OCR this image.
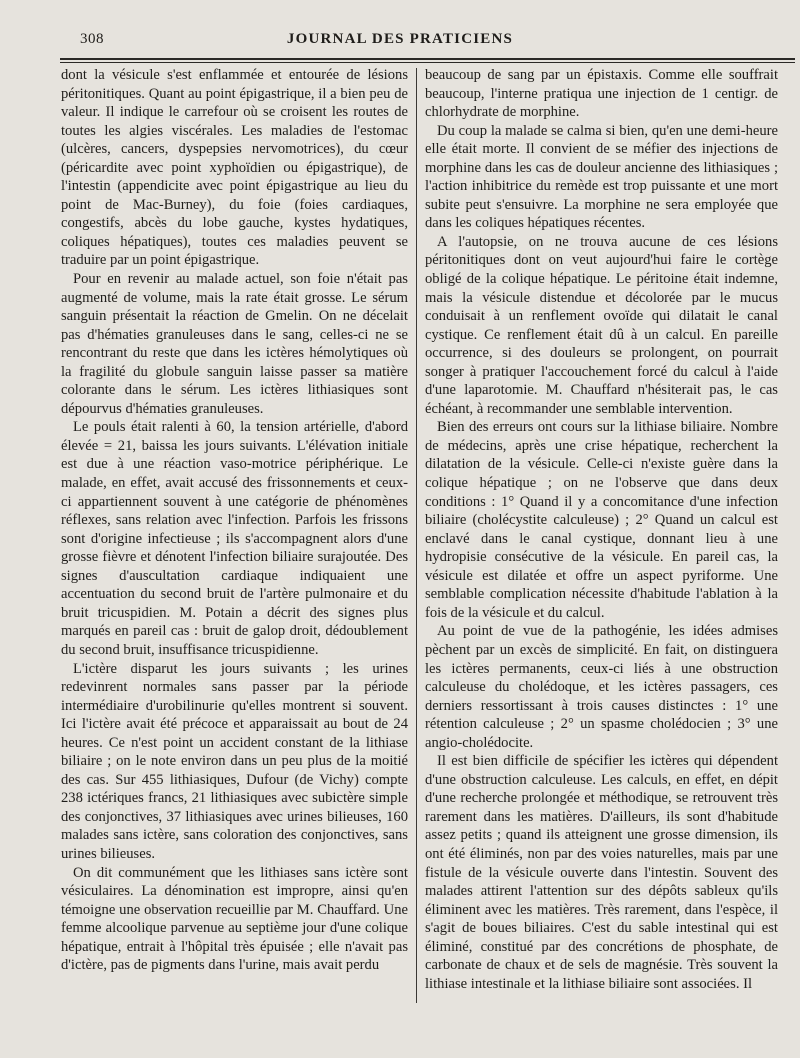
308	JOURNAL DES PRATICIENS

dont la vésicule s'est enflammée et entourée de lésions péritonitiques. Quant au point épigastrique, il a bien peu de valeur. Il indique le carrefour où se croisent les routes de toutes les algies viscérales. Les maladies de l'estomac (ulcères, cancers, dyspepsies nervomotrices), du cœur (péricardite avec point xyphoïdien ou épigastrique), de l'intestin (appendicite avec point épigastrique au lieu du point de Mac-Burney), du foie (foies cardiaques, congestifs, abcès du lobe gauche, kystes hydatiques, coliques hépatiques), toutes ces maladies peuvent se traduire par un point épigastrique.

Pour en revenir au malade actuel, son foie n'était pas augmenté de volume, mais la rate était grosse. Le sérum sanguin présentait la réaction de Gmelin. On ne décelait pas d'hématies granuleuses dans le sang, celles-ci ne se rencontrant du reste que dans les ictères hémolytiques où la fragilité du globule sanguin laisse passer sa matière colorante dans le sérum. Les ictères lithiasiques sont dépourvus d'hématies granuleuses.

Le pouls était ralenti à 60, la tension artérielle, d'abord élevée = 21, baissa les jours suivants. L'élévation initiale est due à une réaction vaso-motrice périphérique. Le malade, en effet, avait accusé des frissonnements et ceux-ci appartiennent souvent à une catégorie de phénomènes réflexes, sans relation avec l'infection. Parfois les frissons sont d'origine infectieuse ; ils s'accompagnent alors d'une grosse fièvre et dénotent l'infection biliaire surajoutée. Des signes d'auscultation cardiaque indiquaient une accentuation du second bruit de l'artère pulmonaire et du bruit tricuspidien. M. Potain a décrit des signes plus marqués en pareil cas : bruit de galop droit, dédoublement du second bruit, insuffisance tricuspidienne.

L'ictère disparut les jours suivants ; les urines redevinrent normales sans passer par la période intermédiaire d'urobilinurie qu'elles montrent si souvent. Ici l'ictère avait été précoce et apparaissait au bout de 24 heures. Ce n'est point un accident constant de la lithiase biliaire ; on le note environ dans un peu plus de la moitié des cas. Sur 455 lithiasiques, Dufour (de Vichy) compte 238 ictériques francs, 21 lithiasiques avec subictère simple des conjonctives, 37 lithiasiques avec urines bilieuses, 160 malades sans ictère, sans coloration des conjonctives, sans urines bilieuses.

On dit communément que les lithiases sans ictère sont vésiculaires. La dénomination est impropre, ainsi qu'en témoigne une observation recueillie par M. Chauffard. Une femme alcoolique parvenue au septième jour d'une colique hépatique, entrait à l'hôpital très épuisée ; elle n'avait pas d'ictère, pas de pigments dans l'urine, mais avait perdu

beaucoup de sang par un épistaxis. Comme elle souffrait beaucoup, l'interne pratiqua une injection de 1 centigr. de chlorhydrate de morphine.

Du coup la malade se calma si bien, qu'en une demi-heure elle était morte. Il convient de se méfier des injections de morphine dans les cas de douleur ancienne des lithiasiques ; l'action inhibitrice du remède est trop puissante et une mort subite peut s'ensuivre. La morphine ne sera employée que dans les coliques hépatiques récentes.

A l'autopsie, on ne trouva aucune de ces lésions péritonitiques dont on veut aujourd'hui faire le cortège obligé de la colique hépatique. Le péritoine était indemne, mais la vésicule distendue et décolorée par le mucus conduisait à un renflement ovoïde qui dilatait le canal cystique. Ce renflement était dû à un calcul. En pareille occurrence, si des douleurs se prolongent, on pourrait songer à pratiquer l'accouchement forcé du calcul à l'aide d'une laparotomie. M. Chauffard n'hésiterait pas, le cas échéant, à recommander une semblable intervention.

Bien des erreurs ont cours sur la lithiase biliaire. Nombre de médecins, après une crise hépatique, recherchent la dilatation de la vésicule. Celle-ci n'existe guère dans la colique hépatique ; on ne l'observe que dans deux conditions : 1° Quand il y a concomitance d'une infection biliaire (cholécystite calculeuse) ; 2° Quand un calcul est enclavé dans le canal cystique, donnant lieu à une hydropisie consécutive de la vésicule. En pareil cas, la vésicule est dilatée et offre un aspect pyriforme. Une semblable complication nécessite d'habitude l'ablation à la fois de la vésicule et du calcul.

Au point de vue de la pathogénie, les idées admises pèchent par un excès de simplicité. En fait, on distinguera les ictères permanents, ceux-ci liés à une obstruction calculeuse du cholédoque, et les ictères passagers, ces derniers ressortissant à trois causes distinctes : 1° une rétention calculeuse ; 2° un spasme cholédocien ; 3° une angio-cholédocite.

Il est bien difficile de spécifier les ictères qui dépendent d'une obstruction calculeuse. Les calculs, en effet, en dépit d'une recherche prolongée et méthodique, se retrouvent très rarement dans les matières. D'ailleurs, ils sont d'habitude assez petits ; quand ils atteignent une grosse dimension, ils ont été éliminés, non par des voies naturelles, mais par une fistule de la vésicule ouverte dans l'intestin. Souvent des malades attirent l'attention sur des dépôts sableux qu'ils éliminent avec les matières. Très rarement, dans l'espèce, il s'agit de boues biliaires. C'est du sable intestinal qui est éliminé, constitué par des concrétions de phosphate, de carbonate de chaux et de sels de magnésie. Très souvent la lithiase intestinale et la lithiase biliaire sont associées. Il
